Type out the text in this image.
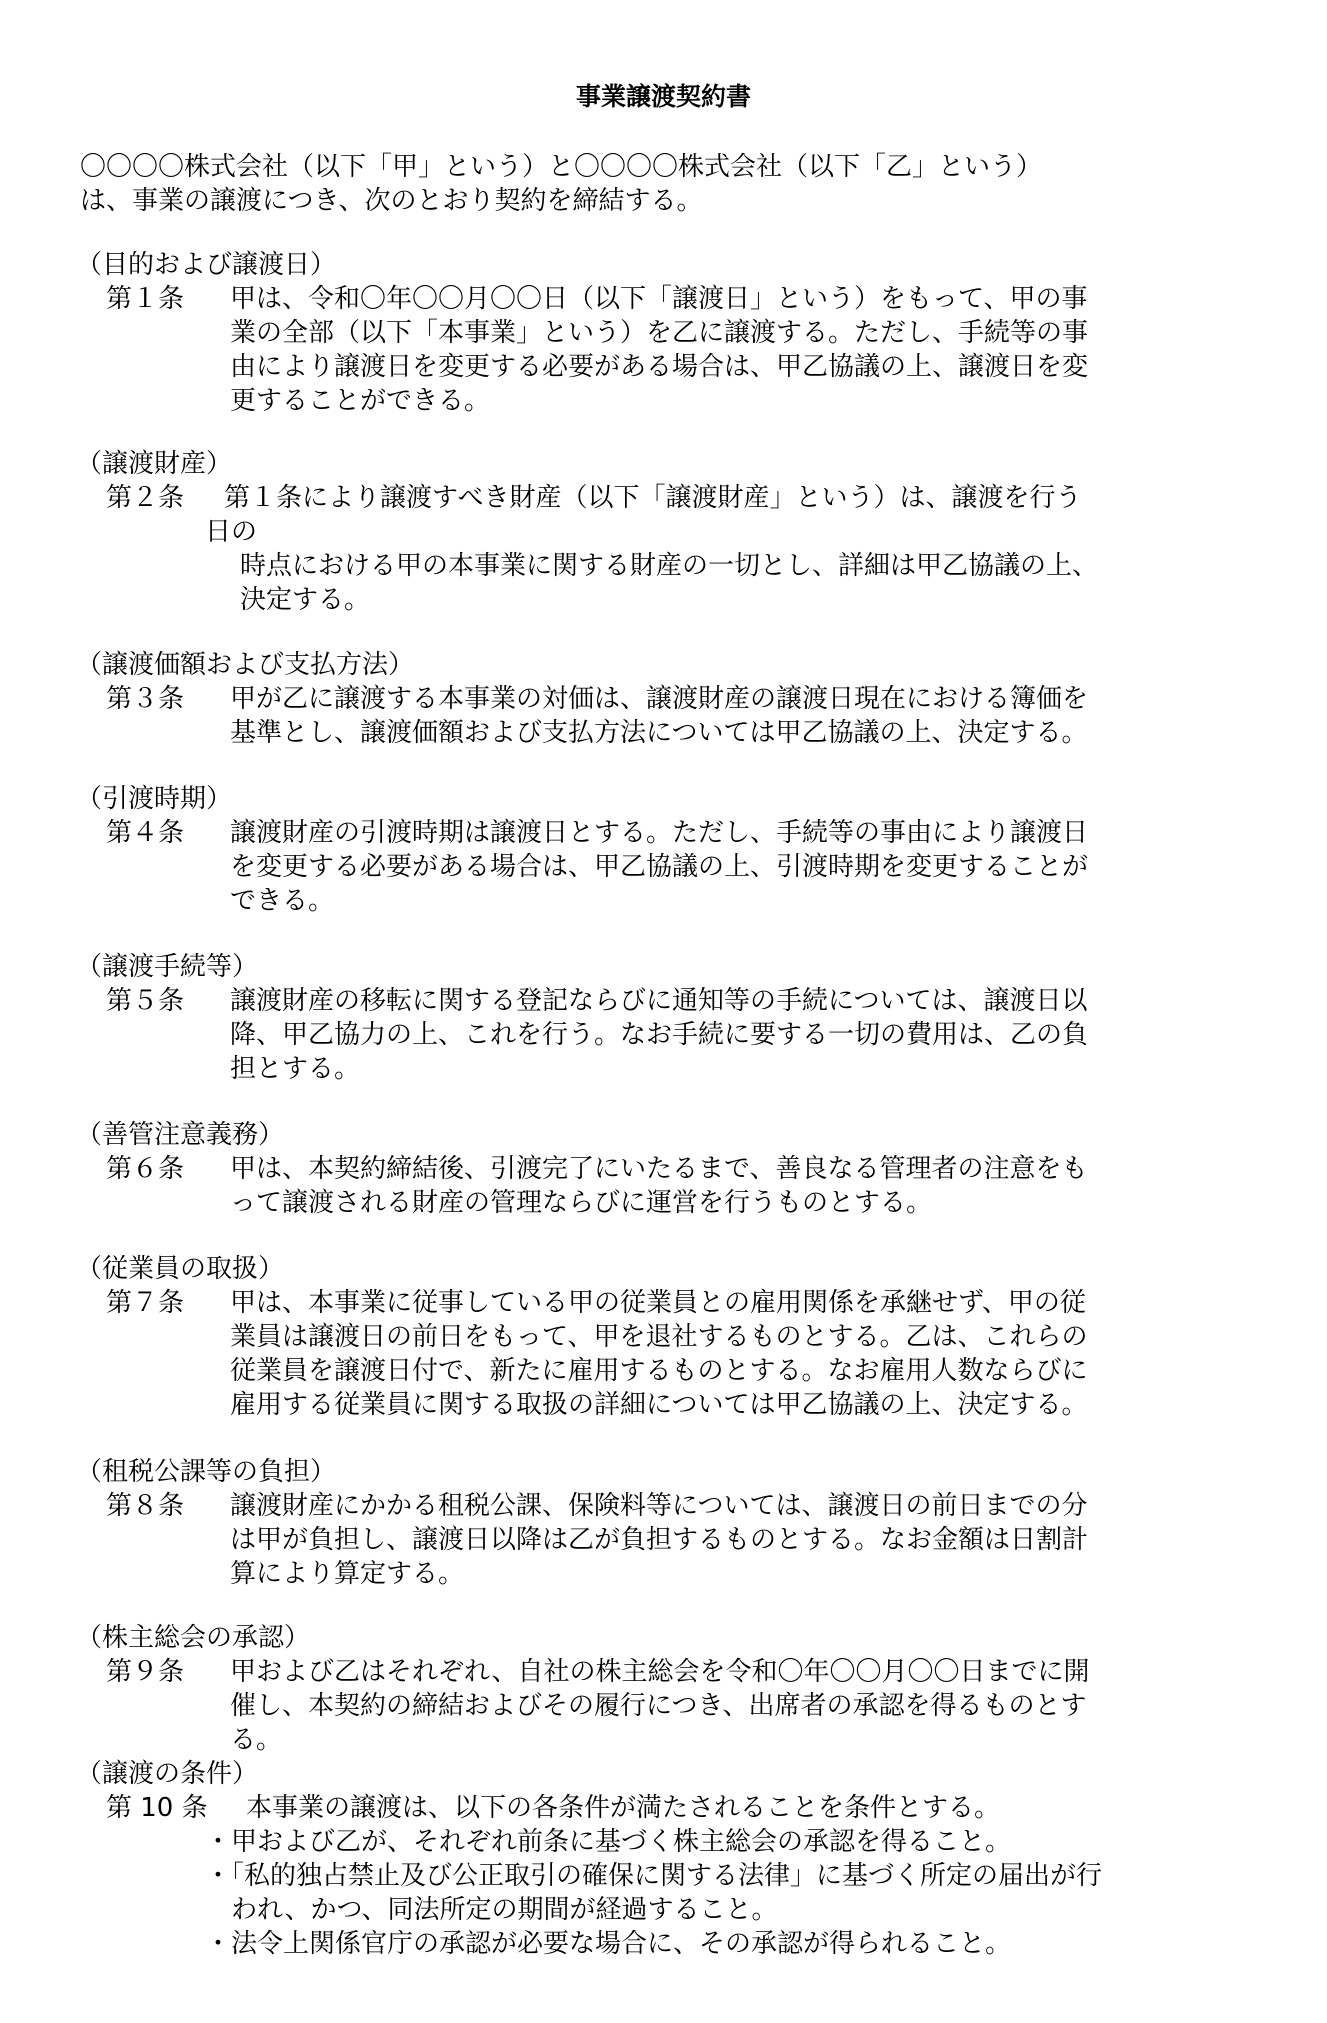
事業譲渡契約書
〇〇〇〇株式会社（以下「甲」という）と〇〇〇〇株式会社（以下「乙」という）
は、事業の譲渡につき、次のとおり契約を締結する。
（目的および譲渡日）
第１条 甲は、令和〇年〇〇月〇〇日（以下「譲渡日」という）をもって、甲の事
業の全部（以下「本事業」という）を乙に譲渡する。ただし、手続等の事
由により譲渡日を変更する必要がある場合は、甲乙協議の上、譲渡日を変
更することができる。
（譲渡財産）
第２条 第１条により譲渡すべき財産（以下「譲渡財産」という）は、譲渡を行う
日の
時点における甲の本事業に関する財産の一切とし、詳細は甲乙協議の上、
決定する。
（譲渡価額および支払方法）
第３条 甲が乙に譲渡する本事業の対価は、譲渡財産の譲渡日現在における簿価を
基準とし、譲渡価額および支払方法については甲乙協議の上、決定する。
（引渡時期）
第４条 譲渡財産の引渡時期は譲渡日とする。ただし、手続等の事由により譲渡日
を変更する必要がある場合は、甲乙協議の上、引渡時期を変更することが
できる。
（譲渡手続等）
第５条 譲渡財産の移転に関する登記ならびに通知等の手続については、譲渡日以
降、甲乙協力の上、これを行う。なお手続に要する一切の費用は、乙の負
担とする。
（善管注意義務）
第６条 甲は、本契約締結後、引渡完了にいたるまで、善良なる管理者の注意をも
って譲渡される財産の管理ならびに運営を行うものとする。
（従業員の取扱）
第７条 甲は、本事業に従事している甲の従業員との雇用関係を承継せず、甲の従
業員は譲渡日の前日をもって、甲を退社するものとする。乙は、これらの
従業員を譲渡日付で、新たに雇用するものとする。なお雇用人数ならびに
雇用する従業員に関する取扱の詳細については甲乙協議の上、決定する。
（租税公課等の負担）
第８条 譲渡財産にかかる租税公課、保険料等については、譲渡日の前日までの分
は甲が負担し、譲渡日以降は乙が負担するものとする。なお金額は日割計
算により算定する。
（株主総会の承認）
第９条 甲および乙はそれぞれ、自社の株主総会を令和〇年〇〇月〇〇日までに開
催し、本契約の締結およびその履行につき、出席者の承認を得るものとす
る。
（譲渡の条件）
第 10 条 本事業の譲渡は、以下の各条件が満たされることを条件とする。
・甲および乙が、それぞれ前条に基づく株主総会の承認を得ること。
・「私的独占禁止及び公正取引の確保に関する法律」に基づく所定の届出が行
われ、かつ、同法所定の期間が経過すること。
・法令上関係官庁の承認が必要な場合に、その承認が得られること。
